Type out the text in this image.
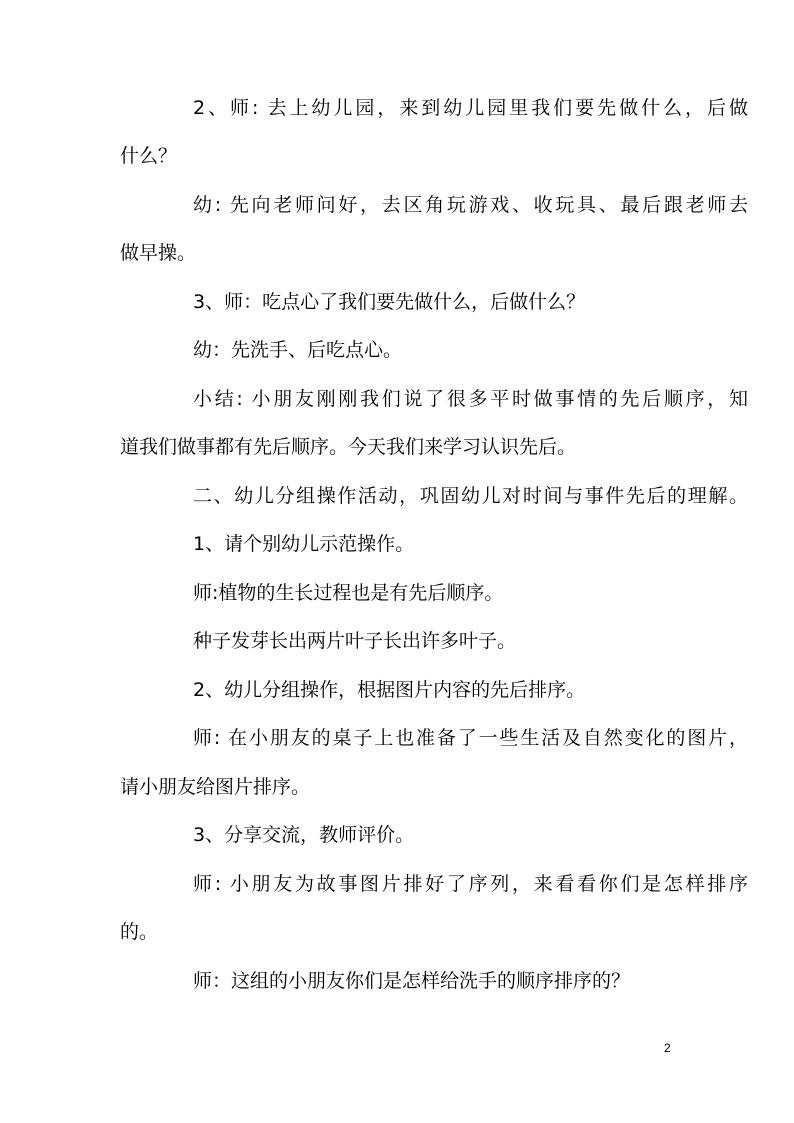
2、师: 去上幼儿园，来到幼儿园里我们要先做什么，后做

什么？

幼: 先向老师问好，去区角玩游戏、收玩具、最后跟老师去

做早操。

3、师：吃点心了我们要先做什么，后做什么？

幼：先洗手、后吃点心。

小结: 小朋友刚刚我们说了很多平时做事情的先后顺序，知

道我们做事都有先后顺序。今天我们来学习认识先后。

二、幼儿分组操作活动，巩固幼儿对时间与事件先后的理解。

1、请个别幼儿示范操作。

师:植物的生长过程也是有先后顺序。

种子发芽长出两片叶子长出许多叶子。

2、幼儿分组操作，根据图片内容的先后排序。

师: 在小朋友的桌子上也准备了一些生活及自然变化的图片，

请小朋友给图片排序。

3、分享交流，教师评价。

师: 小朋友为故事图片排好了序列，来看看你们是怎样排序

的。

师：这组的小朋友你们是怎样给洗手的顺序排序的？

2
